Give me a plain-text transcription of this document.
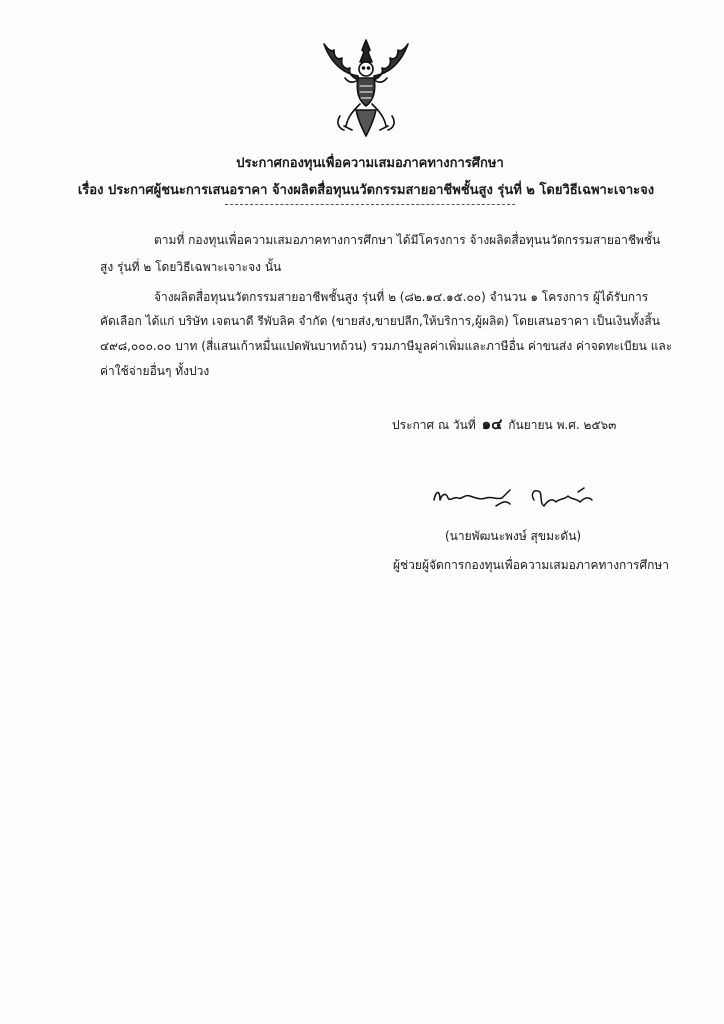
ประกาศกองทุนเพื่อความเสมอภาคทางการศึกษา
เรื่อง ประกาศผู้ชนะการเสนอราคา จ้างผลิตสื่อทุนนวัตกรรมสายอาชีพชั้นสูง รุ่นที่ ๒ โดยวิธีเฉพาะเจาะจง
ตามที่ กองทุนเพื่อความเสมอภาคทางการศึกษา ได้มีโครงการ จ้างผลิตสื่อทุนนวัตกรรมสายอาชีพชั้น
สูง รุ่นที่ ๒ โดยวิธีเฉพาะเจาะจง นั้น
จ้างผลิตสื่อทุนนวัตกรรมสายอาชีพชั้นสูง รุ่นที่ ๒ (๘๒.๑๔.๑๕.๐๐) จำนวน ๑ โครงการ ผู้ได้รับการ
คัดเลือก ได้แก่ บริษัท เจตนาดี รีพับลิค จำกัด (ขายส่ง,ขายปลีก,ให้บริการ,ผู้ผลิต) โดยเสนอราคา เป็นเงินทั้งสิ้น
๔๙๘,๐๐๐.๐๐ บาท (สี่แสนเก้าหมื่นแปดพันบาทถ้วน) รวมภาษีมูลค่าเพิ่มและภาษีอื่น ค่าขนส่ง ค่าจดทะเบียน และ
ค่าใช้จ่ายอื่นๆ ทั้งปวง
ประกาศ ณ วันที่ ๑๔ กันยายน พ.ศ. ๒๕๖๓
(นายพัฒนะพงษ์ สุขมะดัน)
ผู้ช่วยผู้จัดการกองทุนเพื่อความเสมอภาคทางการศึกษา
